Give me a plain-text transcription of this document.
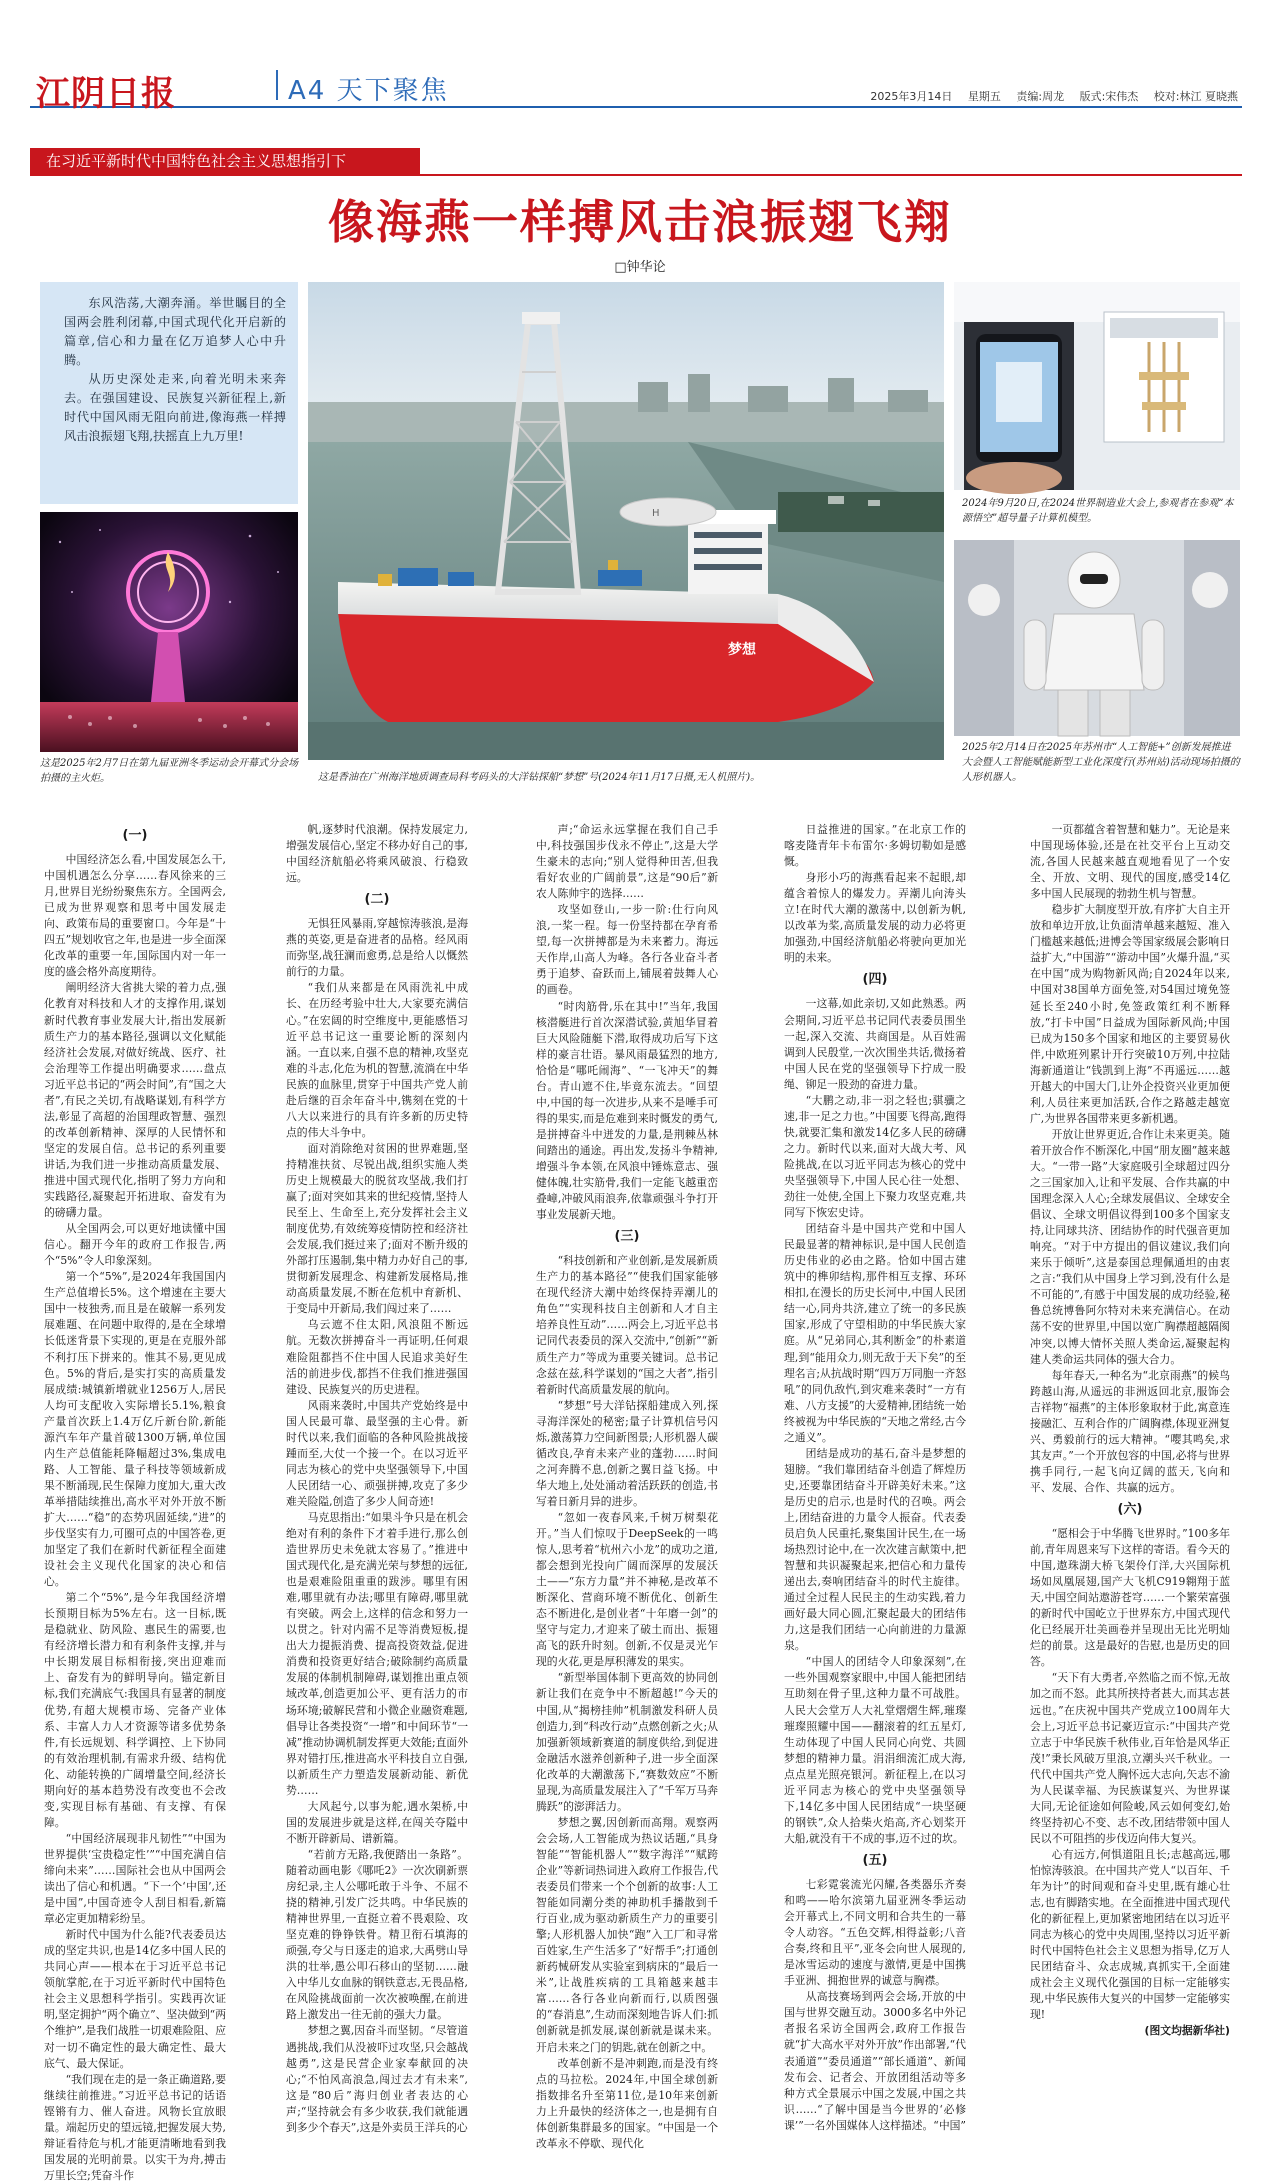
江阴日报	A4 天下聚焦	2025年3月14日 星期五 责编:周龙 版式:宋伟杰 校对:林江 夏晓燕
在习近平新时代中国特色社会主义思想指引下
像海燕一样搏风击浪振翅飞翔
□钟华论

东风浩荡,大潮奔涌。举世瞩目的全国两会胜利闭幕,中国式现代化开启新的篇章,信心和力量在亿万追梦人心中升腾。

从历史深处走来,向着光明未来奔去。在强国建设、民族复兴新征程上,新时代中国风雨无阻向前进,像海燕一样搏风击浪振翅飞翔,扶摇直上九万里!

这是2025年2月7日在第九届亚洲冬季运动会开幕式分会场拍摄的主火炬。
H
梦想
这是香油在广州海洋地质调查局科考码头的大洋钻探船“梦想”号(2024年11月17日摄,无人机照片)。
2024年9月20日,在2024世界制造业大会上,参观者在参观“本源悟空”超导量子计算机模型。
2025年2月14日在2025年苏州市“人工智能+”创新发展推进大会暨人工智能赋能新型工业化深度行(苏州站)活动现场拍摄的人形机器人。

(一)

中国经济怎么看,中国发展怎么干,中国机遇怎么分享……春风徐来的三月,世界目光纷纷聚焦东方。全国两会,已成为世界观察和思考中国发展走向、政策布局的重要窗口。今年是“十四五”规划收官之年,也是进一步全面深化改革的重要一年,国际国内对一年一度的盛会格外高度期待。

阐明经济大省挑大梁的着力点,强化教育对科技和人才的支撑作用,谋划新时代教育事业发展大计,指出发展新质生产力的基本路径,强调以文化赋能经济社会发展,对做好统战、医疗、社会治理等工作提出明确要求……盘点习近平总书记的“两会时间”,有“国之大者”,有民之关切,有战略谋划,有科学方法,彰显了高超的治国理政智慧、强烈的改革创新精神、深厚的人民情怀和坚定的发展自信。总书记的系列重要讲话,为我们进一步推动高质量发展、推进中国式现代化,指明了努力方向和实践路径,凝聚起开拓进取、奋发有为的磅礴力量。

从全国两会,可以更好地读懂中国信心。翻开今年的政府工作报告,两个“5%”令人印象深刻。

第一个“5%”,是2024年我国国内生产总值增长5%。这个增速在主要大国中一枝独秀,而且是在破解一系列发展难题、在问题中取得的,是在全球增长低迷背景下实现的,更是在克服外部不利打压下拼来的。惟其不易,更见成色。5%的背后,是实打实的高质量发展成绩:城镇新增就业1256万人,居民人均可支配收入实际增长5.1%,粮食产量首次跃上1.4万亿斤新台阶,新能源汽车年产量首破1300万辆,单位国内生产总值能耗降幅超过3%,集成电路、人工智能、量子科技等领域新成果不断涌现,民生保障力度加大,重大改革举措陆续推出,高水平对外开放不断扩大……“稳”的态势巩固延续,“进”的步伐坚实有力,可圈可点的中国答卷,更加坚定了我们在新时代新征程全面建设社会主义现代化国家的决心和信心。

第二个“5%”,是今年我国经济增长预期目标为5%左右。这一目标,既是稳就业、防风险、惠民生的需要,也有经济增长潜力和有利条件支撑,并与中长期发展目标相衔接,突出迎难而上、奋发有为的鲜明导向。锚定新目标,我们充满底气:我国具有显著的制度优势,有超大规模市场、完备产业体系、丰富人力人才资源等诸多优势条件,有长远规划、科学调控、上下协同的有效治理机制,有需求升级、结构优化、动能转换的广阔增量空间,经济长期向好的基本趋势没有改变也不会改变,实现目标有基础、有支撑、有保障。

“中国经济展现非凡韧性”“中国为世界提供‘宝贵稳定性’”“中国充满自信缔向未来”……国际社会也从中国两会读出了信心和机遇。“下一个‘中国’,还是中国”,中国奇迹令人刮目相看,新篇章必定更加精彩纷呈。

新时代中国为什么能?代表委员达成的坚定共识,也是14亿多中国人民的共同心声——根本在于习近平总书记领航掌舵,在于习近平新时代中国特色社会主义思想科学指引。实践再次证明,坚定拥护“两个确立”、坚决做到“两个维护”,是我们战胜一切艰难险阻、应对一切不确定性的最大确定性、最大底气、最大保证。

“我们现在走的是一条正确道路,要继续往前推进。”习近平总书记的话语铿锵有力、催人奋进。风物长宜放眼量。端起历史的望远镜,把握发展大势,辩证看待危与机,才能更清晰地看到我国发展的光明前景。以实干为舟,搏击万里长空;凭奋斗作

帆,逐梦时代浪潮。保持发展定力,增强发展信心,坚定不移办好自己的事,中国经济航船必将乘风破浪、行稳致远。

(二)

无惧狂风暴雨,穿越惊涛骇浪,是海燕的英姿,更是奋进者的品格。经风雨而弥坚,战狂澜而愈勇,总是给人以慨然前行的力量。

“我们从来都是在风雨洗礼中成长、在历经考验中壮大,大家要充满信心。”在宏阔的时空维度中,更能感悟习近平总书记这一重要论断的深刻内涵。一直以来,自强不息的精神,攻坚克难的斗志,化危为机的智慧,流淌在中华民族的血脉里,贯穿于中国共产党人前赴后继的百余年奋斗中,镌刻在党的十八大以来进行的具有许多新的历史特点的伟大斗争中。

面对消除绝对贫困的世界难题,坚持精准扶贫、尽锐出战,组织实施人类历史上规模最大的脱贫攻坚战,我们打赢了;面对突如其来的世纪疫情,坚持人民至上、生命至上,充分发挥社会主义制度优势,有效统筹疫情防控和经济社会发展,我们挺过来了;面对不断升级的外部打压遏制,集中精力办好自己的事,贯彻新发展理念、构建新发展格局,推动高质量发展,不断在危机中育新机、于变局中开新局,我们闯过来了……

乌云遮不住太阳,风浪阻不断远航。无数次拼搏奋斗一再证明,任何艰难险阻都挡不住中国人民追求美好生活的前进步伐,都挡不住我们推进强国建设、民族复兴的历史进程。

风雨来袭时,中国共产党始终是中国人民最可靠、最坚强的主心骨。新时代以来,我们面临的各种风险挑战接踵而至,大仗一个接一个。在以习近平同志为核心的党中央坚强领导下,中国人民团结一心、顽强拼搏,攻克了多少难关险隘,创造了多少人间奇迹!

马克思指出:“如果斗争只是在机会绝对有利的条件下才着手进行,那么创造世界历史未免就太容易了。”推进中国式现代化,是充满光荣与梦想的远征,也是艰难险阻重重的跋涉。哪里有困难,哪里就有办法;哪里有障碍,哪里就有突破。两会上,这样的信念和努力一以贯之。针对内需不足等消费短板,提出大力提振消费、提高投资效益,促进消费和投资更好结合;破除制约高质量发展的体制机制障碍,谋划推出重点领域改革,创造更加公平、更有活力的市场环境;破解民营和小微企业融资难题,倡导让各类投资“一增”和中间环节“一减”推动协调机制发挥更大效能;直面外界对错打压,推进高水平科技自立自强,以新质生产力塑造发展新动能、新优势……

大风起兮,以事为舵,遇水架桥,中国的发展进步就是这样,在闯关夺隘中不断开辟新局、谱新篇。

“若前方无路,我便踏出一条路”。随着动画电影《哪吒2》一次次刷新票房纪录,主人公哪吒敢于斗争、不屈不挠的精神,引发广泛共鸣。中华民族的精神世界里,一直挺立着不畏艰险、攻坚克难的铮铮铁骨。精卫衔石填海的顽强,夸父与日逐走的追求,大禹劈山导洪的壮举,愚公叩石移山的坚韧……融入中华儿女血脉的钢铁意志,无畏品格,在风险挑战面前一次次被唤醒,在前进路上激发出一往无前的强大力量。

梦想之翼,因奋斗而坚韧。“尽管道遇挑战,我们从没被吓过攻坚,只会越战越勇”,这是民营企业家奉献回的决心;“不怕风高浪急,闯过去才有未来”,这是“80后”海归创业者表达的心声;“坚持就会有多少收获,我们就能遇到多少个春天”,这是外卖员王洋兵的心

声;“命运永远掌握在我们自己手中,科技强国步伐永不停止”,这是大学生豪未的志向;“别人觉得种田苦,但我看好农业的广阔前景”,这是“90后”新农人陈帅宇的选择……

攻坚如登山,一步一阶:仕行向风浪,一桨一程。每一份坚持都在孕育希望,每一次拼搏都是为未来蓄力。海远天作岸,山高人为峰。各行各业奋斗者勇于追梦、奋跃而上,铺展着鼓舞人心的画卷。

“时肉筋骨,乐在其中!”当年,我国核潜艇进行首次深潜试验,黄旭华冒着巨大风险随艇下潜,取得成功后写下这样的豪言壮语。暴风雨最猛烈的地方,恰恰是“哪吒闹海”、“一飞冲天”的舞台。青山遮不住,毕竟东流去。“回望中,中国的每一次进步,从来不是唾手可得的果实,而是危难到来时慨发的勇气,是拼搏奋斗中迸发的力量,是荆棘丛林间踏出的通途。再出发,发扬斗争精神,增强斗争本领,在风浪中锤炼意志、强健体魄,壮实筋骨,我们一定能飞越重峦叠嶂,冲破风雨浪奔,依靠顽强斗争打开事业发展新天地。

(三)

“科技创新和产业创新,是发展新质生产力的基本路径”“使我们国家能够在现代经济大潮中始终保持弄潮儿的角色”“实现科技自主创新和人才自主培养良性互动”……两会上,习近平总书记同代表委员的深入交流中,“创新”“新质生产力”等成为重要关键词。总书记念兹在兹,科学谋划的“国之大者”,指引着新时代高质量发展的航向。

“梦想”号大洋钻探船建成入列,探寻海洋深处的秘密;量子计算机信号闪烁,激荡算力空间新图景;人形机器人碳循改良,孕育未来产业的蓬勃……时间之河奔腾不息,创新之翼日益飞扬。中华大地上,处处涌动着活跃跃的创造,书写着日新月异的进步。

“忽如一夜春风来,千树万树梨花开。”当人们惊叹于DeepSeek的一鸣惊人,思考着“杭州六小龙”的成功之道,都会想到光投向广阔而深厚的发展沃土——“东方力量”并不神秘,是改革不断深化、营商环境不断优化、创新生态不断进化,是创业者“十年磨一剑”的坚守与定力,才迎来了破土而出、振翅高飞的跃升时刻。创新,不仅是灵光乍现的火花,更是厚积薄发的果实。

“新型举国体制下更高效的协同创新让我们在竞争中不断超越!”今天的中国,从“揭榜挂帅”机制激发科研人员创造力,到“科改行动”点燃创新之火;从加强新领域新赛道的制度供给,到促进金融活水滋养创新种子,进一步全面深化改革的大潮激荡下,“赛数效应”不断显现,为高质量发展注入了“千军万马奔腾跃”的澎湃活力。

梦想之翼,因创新而高翔。观察两会会场,人工智能成为热议话题,“具身智能”“智能机器人”“数字海洋”“赋跨企业”等新词热词进入政府工作报告,代表委员们带来一个个创新的故事:人工智能如同潮分类的神助机手播散到千行百业,成为驱动新质生产力的重要引擎;人形机器人加快“跑”入工厂和寻常百姓家,生产生活多了“好帮手”;打通创新药械研发从实验室到病床的“最后一米”,让战胜疾病的工具箱越来越丰富……各行各业向新而行,以质图强的“春消息”,生动而深刻地告诉人们:抓创新就是抓发展,谋创新就是谋未来。开启未来之门的钥匙,就在创新之中。

改革创新不是冲刺跑,而是没有终点的马拉松。2024年,中国全球创新指数排名升至第11位,是10年来创新力上升最快的经济体之一,也是拥有自体创新集群最多的国家。“中国是一个改革永不停歇、现代化

日益推进的国家。”在北京工作的喀麦隆青年卡布雷尔·多姆切勒如是感慨。

身形小巧的海燕看起来不起眼,却蕴含着惊人的爆发力。弄潮儿向涛头立!在时代大潮的激荡中,以创新为帆,以改革为桨,高质量发展的动力必将更加强劲,中国经济航船必将驶向更加光明的未来。

(四)

一这幕,如此亲切,又如此熟悉。两会期间,习近平总书记同代表委员围坐一起,深入交流、共商国是。从百姓需调到人民殷堂,一次次围坐共话,微扬着中国人民在党的坚强领导下拧成一股绳、铆足一股劲的奋进力量。

“大鹏之动,非一羽之轻也;骐骥之速,非一足之力也。”中国要飞得高,跑得快,就要汇集和激发14亿多人民的磅礴之力。新时代以来,面对大战大考、风险挑战,在以习近平同志为核心的党中央坚强领导下,中国人民心往一处想、劲往一处使,全国上下聚力攻坚克难,共同写下恢宏史诗。

团结奋斗是中国共产党和中国人民最显著的精神标识,是中国人民创造历史伟业的必由之路。恰如中国古建筑中的榫卯结构,那件相互支撑、环环相扣,在漫长的历史长河中,中国人民团结一心,同舟共济,建立了统一的多民族国家,形成了守望相助的中华民族大家庭。从“兄弟同心,其利断金”的朴素道理,到“能用众力,则无敌于天下矣”的至理名言;从抗战时期“四万万同胞一齐怒吼”的同仇敌忾,到灾难来袭时“一方有难、八方支援”的大爱精神,团结统一始终被视为中华民族的“天地之常经,古今之通义”。

团结是成功的基石,奋斗是梦想的翅膀。“我们靠团结奋斗创造了辉煌历史,还要靠团结奋斗开辟美好未来。”这是历史的启示,也是时代的召唤。两会上,团结奋进的力量令人振奋。代表委员启负人民重托,聚集国计民生,在一场场热烈讨论中,在一次次建言献策中,把智慧和共识凝聚起来,把信心和力量传递出去,奏响团结奋斗的时代主旋律。通过全过程人民民主的生动实践,着力画好最大同心圆,汇聚起最大的团结伟力,这是我们团结一心向前进的力量源泉。

“中国人的团结令人印象深刻”,在一些外国观察家眼中,中国人能把团结互助刻在骨子里,这种力量不可战胜。人民大会堂万人大礼堂熠熠生辉,璀璨璀璨照耀中国——翻滚着的红五星灯,生动体现了中国人民同心向党、共圆梦想的精神力量。涓涓细流汇成大海,点点星光照亮银河。新征程上,在以习近平同志为核心的党中央坚强领导下,14亿多中国人民团结成“一块坚硬的钢铁”,众人拾柴火焰高,齐心划桨开大船,就没有干不成的事,迈不过的坎。

(五)

七彩霓裳流光闪耀,各类器乐齐奏和鸣——哈尔滨第九届亚洲冬季运动会开幕式上,不同文明和合共生的一幕令人动容。“五色交辉,相得益彰;八音合奏,终和且平”,亚冬会向世人展现的,是冰雪运动的速度与激情,更是中国携手亚洲、拥抱世界的诚意与胸襟。

从高技赛场到两会会场,开放的中国与世界交融互动。3000多名中外记者报名采访全国两会,政府工作报告就“扩大高水平对外开放”作出部署,“代表通道”“委员通道”“部长通道”、新闻发布会、记者会、开放团组活动等多种方式全景展示中国之发展,中国之共识……“了解中国是当今世界的‘必修课’”一名外国媒体人这样描述。“中国”

一页都蕴含着智慧和魅力”。无论是来中国现场体验,还是在社交平台上互动交流,各国人民越来越直观地看见了一个安全、开放、文明、现代的国度,感受14亿多中国人民展现的勃勃生机与智慧。

稳步扩大制度型开放,有序扩大自主开放和单边开放,让负面清单越来越短、准入门槛越来越低;进博会等国家级展会影响日益扩大,“中国游”“游动中国”火爆升温,“买在中国”成为购物新风尚;自2024年以来,中国对38国单方面免签,对54国过境免签延长至240小时,免签政策红利不断释放,“打卡中国”日益成为国际新风尚;中国已成为150多个国家和地区的主要贸易伙伴,中欧班列累计开行突破10万列,中拉陆海新通道让“钱凯到上海”不再遥远……越开越大的中国大门,让外企投资兴业更加便利,人员往来更加活跃,合作之路越走越宽广,为世界各国带来更多新机遇。

开放让世界更近,合作让未来更美。随着开放合作不断深化,中国“朋友圈”越来越大。“一带一路”大家庭吸引全球超过四分之三国家加入,让和平发展、合作共赢的中国理念深入人心;全球发展倡议、全球安全倡议、全球文明倡议得到100多个国家支持,让同球共济、团结协作的时代强音更加响亮。“对于中方提出的倡议建议,我们向来乐于倾听”,这是泰国总理佩通坦的由衷之言:“我们从中国身上学习到,没有什么是不可能的”,有感于中国发展的成功经验,秘鲁总统博鲁阿尔特对未来充满信心。在动荡不安的世界里,中国以宽广胸襟超越隔阂冲突,以博大情怀关照人类命运,凝聚起构建人类命运共同体的强大合力。

每年春天,一种名为“北京雨燕”的候鸟跨越山海,从遥远的非洲返回北京,服饰会吉祥物“福燕”的主体形象取材于此,寓意连接融汇、互利合作的广阔胸襟,体现亚洲复兴、勇毅前行的远大精神。“嘤其鸣矣,求其友声。”一个开放包容的中国,必将与世界携手同行,一起飞向辽阔的蓝天,飞向和平、发展、合作、共赢的远方。

(六)

“愿相会于中华腾飞世界时。”100多年前,青年周恩来写下这样的寄语。看今天的中国,遨珠湖大桥飞架伶仃洋,大兴国际机场如凤凰展翅,国产大飞机C919翱翔于蓝天,中国空间站遨游苍穹……一个繁荣富强的新时代中国屹立于世界东方,中国式现代化已经展开壮美画卷并呈现出无比光明灿烂的前景。这是最好的告慰,也是历史的回答。

“天下有大勇者,卒然临之而不惊,无故加之而不怒。此其所挟持者甚大,而其志甚远也。”在庆祝中国共产党成立100周年大会上,习近平总书记豪迈宣示:“中国共产党立志于中华民族千秋伟业,百年恰是风华正茂!”秉长风破万里浪,立潮头兴千秋业。一代代中国共产党人胸怀远大志向,矢志不渝为人民谋幸福、为民族谋复兴、为世界谋大同,无论征途如何险峻,风云如何变幻,始终坚持初心不变、志不改,团结带领中国人民以不可阻挡的步伐迈向伟大复兴。

心有远方,何惧道阻且长;志越高远,哪怕惊涛骇浪。在中国共产党人“以百年、千年为计”的时间观和奋斗史里,既有雄心壮志,也有脚踏实地。在全面推进中国式现代化的新征程上,更加紧密地团结在以习近平同志为核心的党中央周围,坚持以习近平新时代中国特色社会主义思想为指导,亿万人民团结奋斗、众志成城,真抓实干,全面建成社会主义现代化强国的目标一定能够实现,中华民族伟大复兴的中国梦一定能够实现!

(图文均据新华社)
